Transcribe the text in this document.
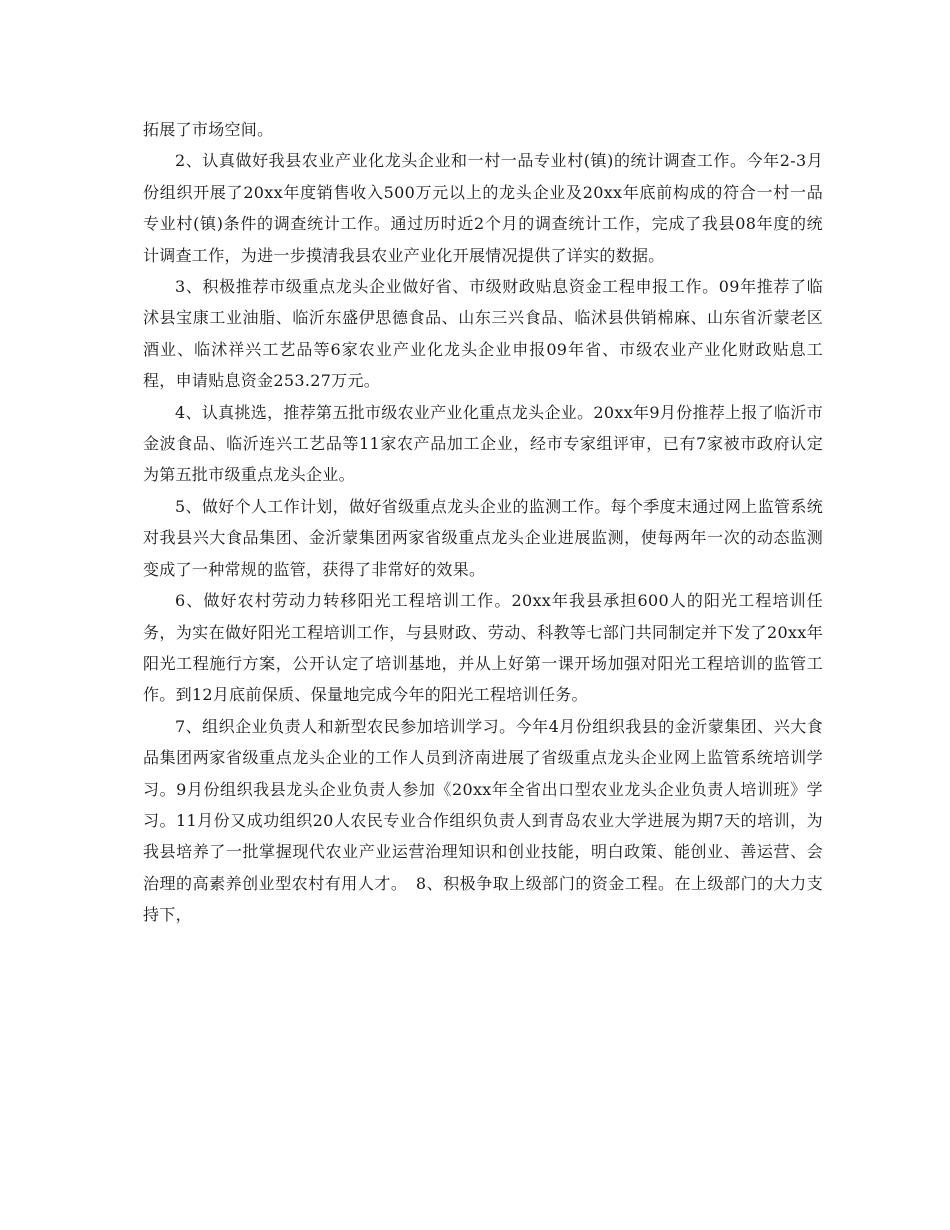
拓展了市场空间。

2、认真做好我县农业产业化龙头企业和一村一品专业村(镇)的统计调查工作。今年2-3月份组织开展了20xx年度销售收入500万元以上的龙头企业及20xx年底前构成的符合一村一品专业村(镇)条件的调查统计工作。通过历时近2个月的调查统计工作，完成了我县08年度的统计调查工作，为进一步摸清我县农业产业化开展情况提供了详实的数据。

3、积极推荐市级重点龙头企业做好省、市级财政贴息资金工程申报工作。09年推荐了临沭县宝康工业油脂、临沂东盛伊思德食品、山东三兴食品、临沭县供销棉麻、山东省沂蒙老区酒业、临沭祥兴工艺品等6家农业产业化龙头企业申报09年省、市级农业产业化财政贴息工程，申请贴息资金253.27万元。

4、认真挑选，推荐第五批市级农业产业化重点龙头企业。20xx年9月份推荐上报了临沂市金波食品、临沂连兴工艺品等11家农产品加工企业，经市专家组评审，已有7家被市政府认定为第五批市级重点龙头企业。

5、做好个人工作计划，做好省级重点龙头企业的监测工作。每个季度末通过网上监管系统对我县兴大食品集团、金沂蒙集团两家省级重点龙头企业进展监测，使每两年一次的动态监测变成了一种常规的监管，获得了非常好的效果。

6、做好农村劳动力转移阳光工程培训工作。20xx年我县承担600人的阳光工程培训任务，为实在做好阳光工程培训工作，与县财政、劳动、科教等七部门共同制定并下发了20xx年阳光工程施行方案，公开认定了培训基地，并从上好第一课开场加强对阳光工程培训的监管工作。到12月底前保质、保量地完成今年的阳光工程培训任务。

7、组织企业负责人和新型农民参加培训学习。今年4月份组织我县的金沂蒙集团、兴大食品集团两家省级重点龙头企业的工作人员到济南进展了省级重点龙头企业网上监管系统培训学习。9月份组织我县龙头企业负责人参加《20xx年全省出口型农业龙头企业负责人培训班》学习。11月份又成功组织20人农民专业合作组织负责人到青岛农业大学进展为期7天的培训，为我县培养了一批掌握现代农业产业运营治理知识和创业技能，明白政策、能创业、善运营、会治理的高素养创业型农村有用人才。　8、积极争取上级部门的资金工程。在上级部门的大力支持下，
